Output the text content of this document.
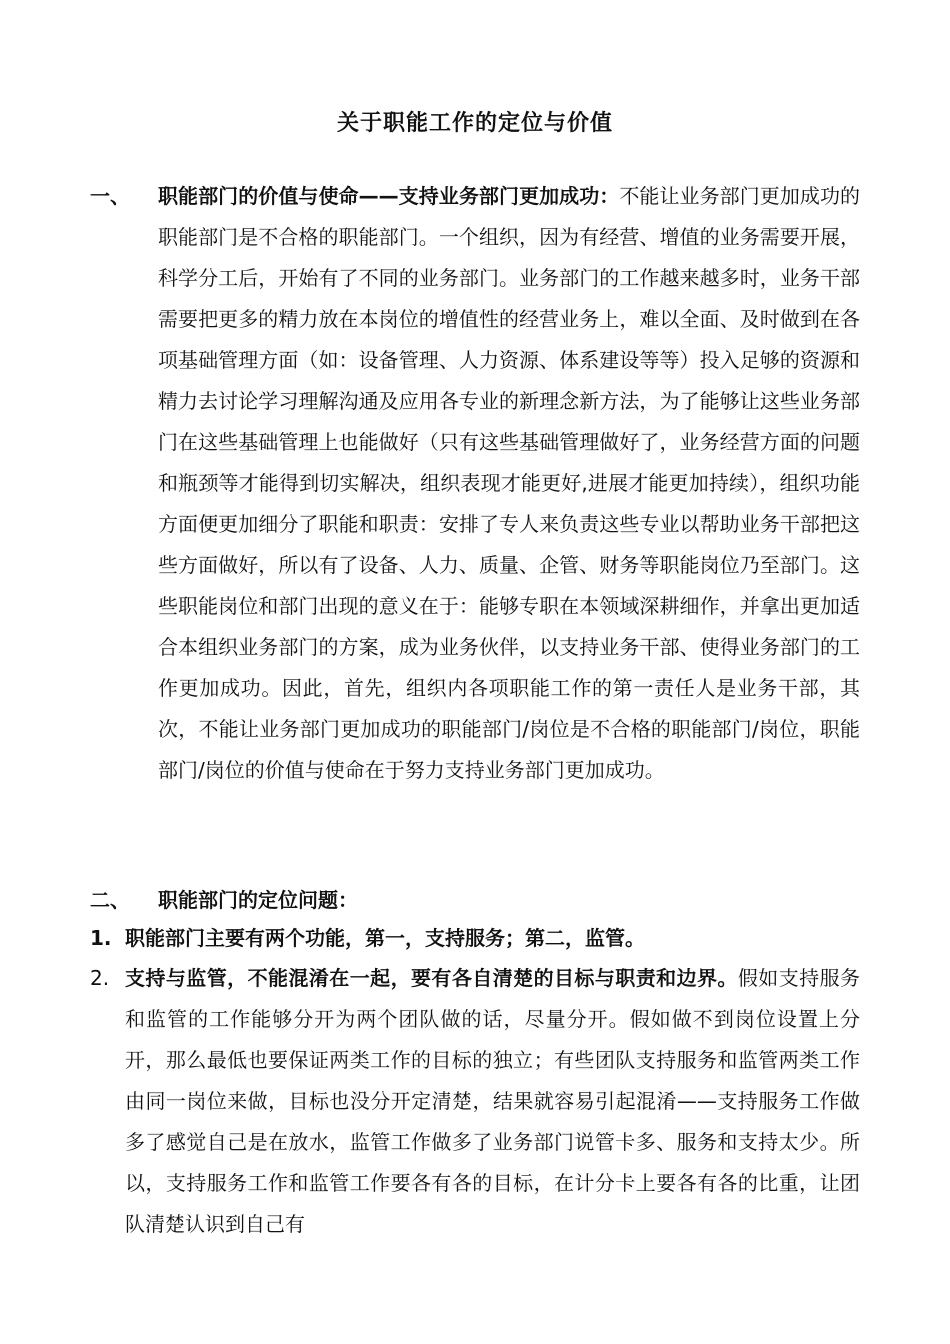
关于职能工作的定位与价值
一、	职能部门的价值与使命——支持业务部门更加成功：不能让业务部门更加成功的职能部门是不合格的职能部门。一个组织，因为有经营、增值的业务需要开展，科学分工后，开始有了不同的业务部门。业务部门的工作越来越多时，业务干部需要把更多的精力放在本岗位的增值性的经营业务上，难以全面、及时做到在各项基础管理方面（如：设备管理、人力资源、体系建设等等）投入足够的资源和精力去讨论学习理解沟通及应用各专业的新理念新方法，为了能够让这些业务部门在这些基础管理上也能做好（只有这些基础管理做好了，业务经营方面的问题和瓶颈等才能得到切实解决，组织表现才能更好,进展才能更加持续），组织功能方面便更加细分了职能和职责：安排了专人来负责这些专业以帮助业务干部把这些方面做好，所以有了设备、人力、质量、企管、财务等职能岗位乃至部门。这些职能岗位和部门出现的意义在于：能够专职在本领域深耕细作，并拿出更加适合本组织业务部门的方案，成为业务伙伴，以支持业务干部、使得业务部门的工作更加成功。因此，首先，组织内各项职能工作的第一责任人是业务干部，其次，不能让业务部门更加成功的职能部门/岗位是不合格的职能部门/岗位，职能部门/岗位的价值与使命在于努力支持业务部门更加成功。
二、	职能部门的定位问题：
1. 职能部门主要有两个功能，第一，支持服务；第二，监管。
2. 支持与监管，不能混淆在一起，要有各自清楚的目标与职责和边界。假如支持服务和监管的工作能够分开为两个团队做的话，尽量分开。假如做不到岗位设置上分开，那么最低也要保证两类工作的目标的独立；有些团队支持服务和监管两类工作由同一岗位来做，目标也没分开定清楚，结果就容易引起混淆——支持服务工作做多了感觉自己是在放水，监管工作做多了业务部门说管卡多、服务和支持太少。所以，支持服务工作和监管工作要各有各的目标，在计分卡上要各有各的比重，让团队清楚认识到自己有
